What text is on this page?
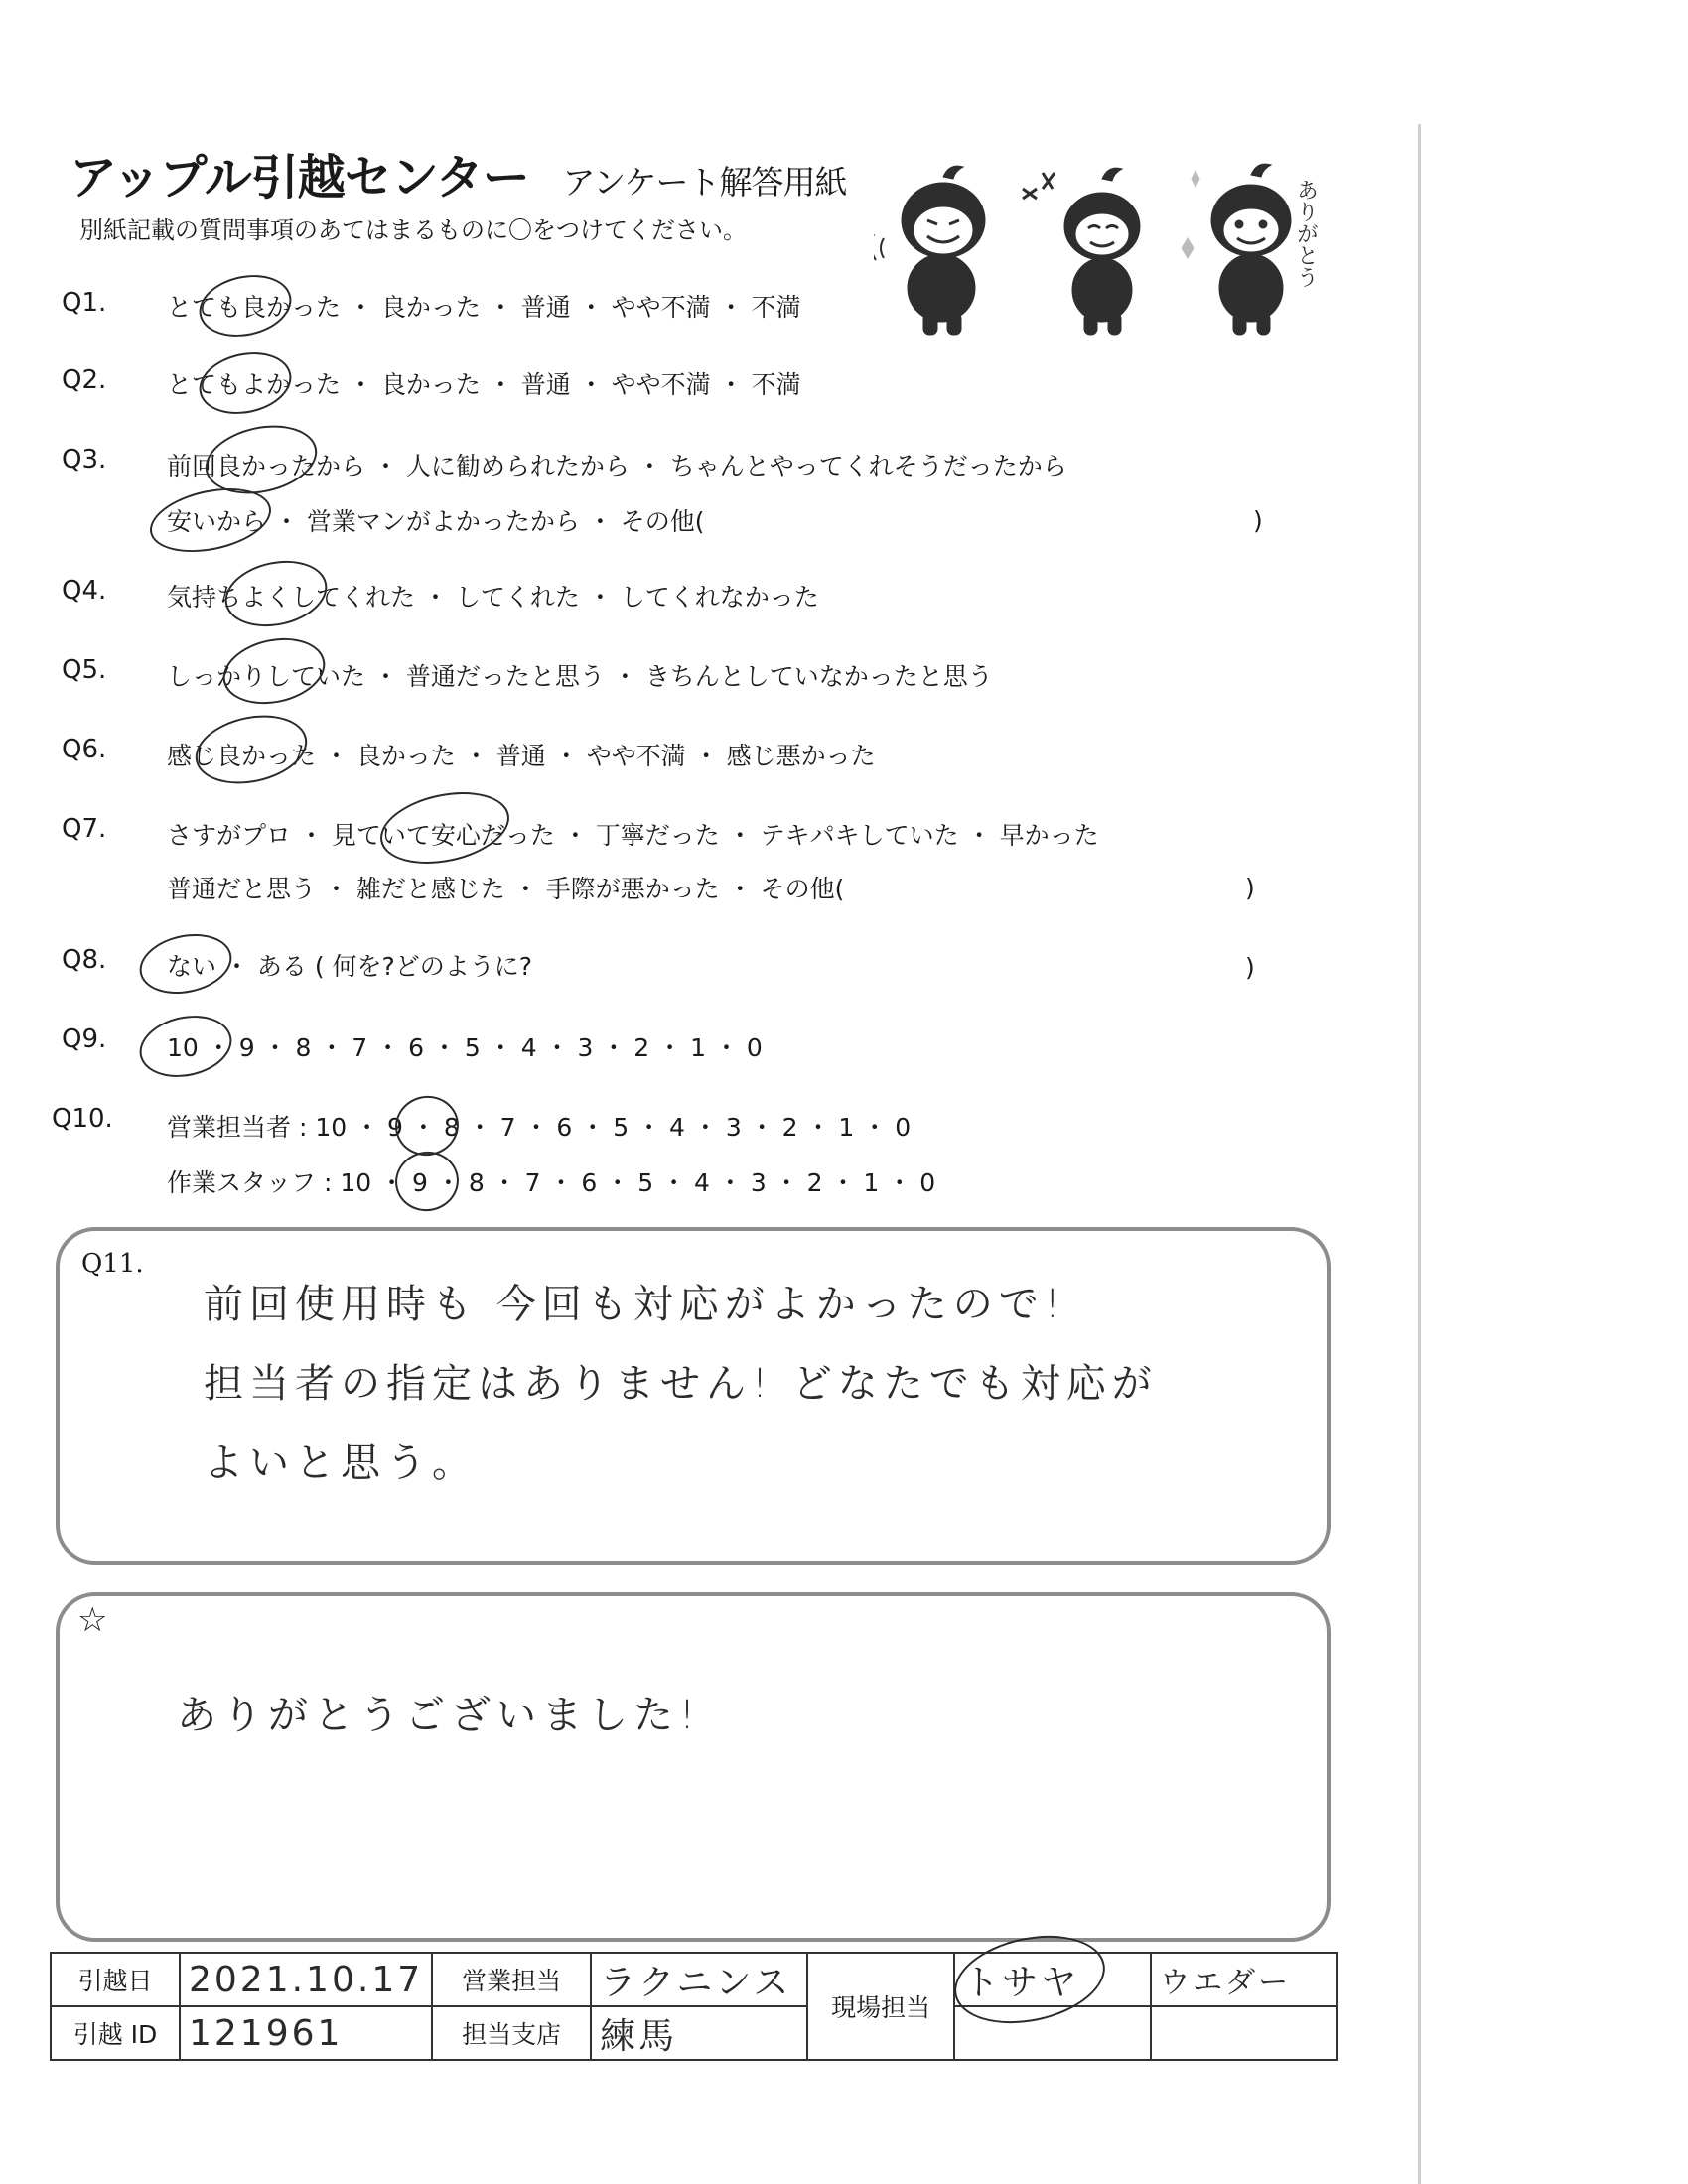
アップル引越センター アンケート解答用紙
別紙記載の質問事項のあてはまるものに〇をつけてください。	ありがとう
Q1. とても良かった ・ 良かった ・ 普通 ・ やや不満 ・ 不満
Q2. とてもよかった ・ 良かった ・ 普通 ・ やや不満 ・ 不満
Q3. 前回良かったから ・ 人に勧められたから ・ ちゃんとやってくれそうだったから
安いから ・ 営業マンがよかったから ・ その他(	)
Q4. 気持ちよくしてくれた ・ してくれた ・ してくれなかった
Q5. しっかりしていた ・ 普通だったと思う ・ きちんとしていなかったと思う
Q6. 感じ良かった ・ 良かった ・ 普通 ・ やや不満 ・ 感じ悪かった
Q7. さすがプロ ・ 見ていて安心だった ・ 丁寧だった ・ テキパキしていた ・ 早かった
普通だと思う ・ 雑だと感じた ・ 手際が悪かった ・ その他(	)
Q8. ない ・ ある ( 何を?どのように?	)
Q9. 10 ・ 9 ・ 8 ・ 7 ・ 6 ・ 5 ・ 4 ・ 3 ・ 2 ・ 1 ・ 0
Q10. 営業担当者 : 10 ・ 9 ・ 8 ・ 7 ・ 6 ・ 5 ・ 4 ・ 3 ・ 2 ・ 1 ・ 0
作業スタッフ : 10 ・ 9 ・ 8 ・ 7 ・ 6 ・ 5 ・ 4 ・ 3 ・ 2 ・ 1 ・ 0
Q11.
前回使用時も 今回も対応がよかったので!
担当者の指定はありません! どなたでも対応が
よいと思う。
☆
ありがとうございました!
引越日	2021.10.17	営業担当	ラクニンス	現場担当	トサヤ	ウエダー
引越 ID	121961	担当支店	練馬			
